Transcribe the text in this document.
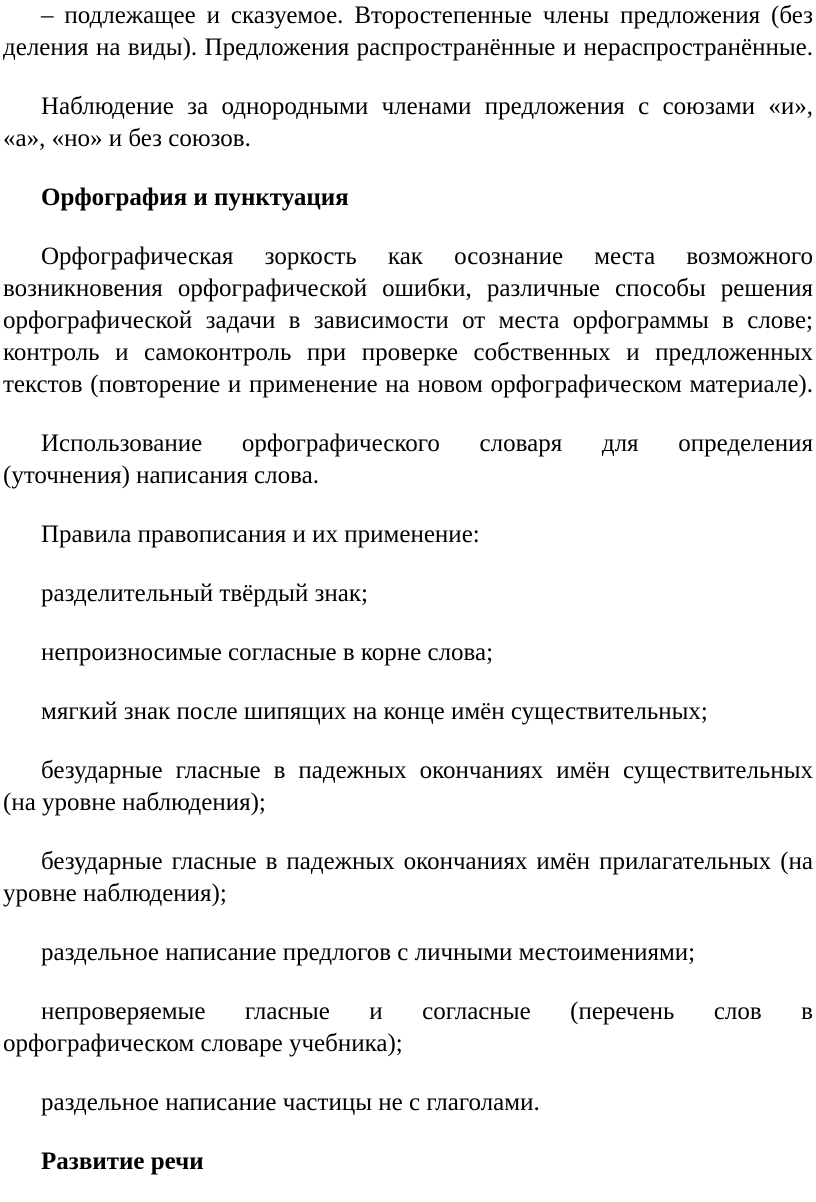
– подлежащее и сказуемое. Второстепенные члены предложения (без
деления на виды). Предложения распространённые и нераспространённые.
Наблюдение за однородными членами предложения с союзами «и»,
«а», «но» и без союзов.
Орфография и пунктуация
Орфографическая зоркость как осознание места возможного
возникновения орфографической ошибки, различные способы решения
орфографической задачи в зависимости от места орфограммы в слове;
контроль и самоконтроль при проверке собственных и предложенных
текстов (повторение и применение на новом орфографическом материале).
Использование орфографического словаря для определения
(уточнения) написания слова.
Правила правописания и их применение:
разделительный твёрдый знак;
непроизносимые согласные в корне слова;
мягкий знак после шипящих на конце имён существительных;
безударные гласные в падежных окончаниях имён существительных
(на уровне наблюдения);
безударные гласные в падежных окончаниях имён прилагательных (на
уровне наблюдения);
раздельное написание предлогов с личными местоимениями;
непроверяемые гласные и согласные (перечень слов в
орфографическом словаре учебника);
раздельное написание частицы не с глаголами.
Развитие речи
